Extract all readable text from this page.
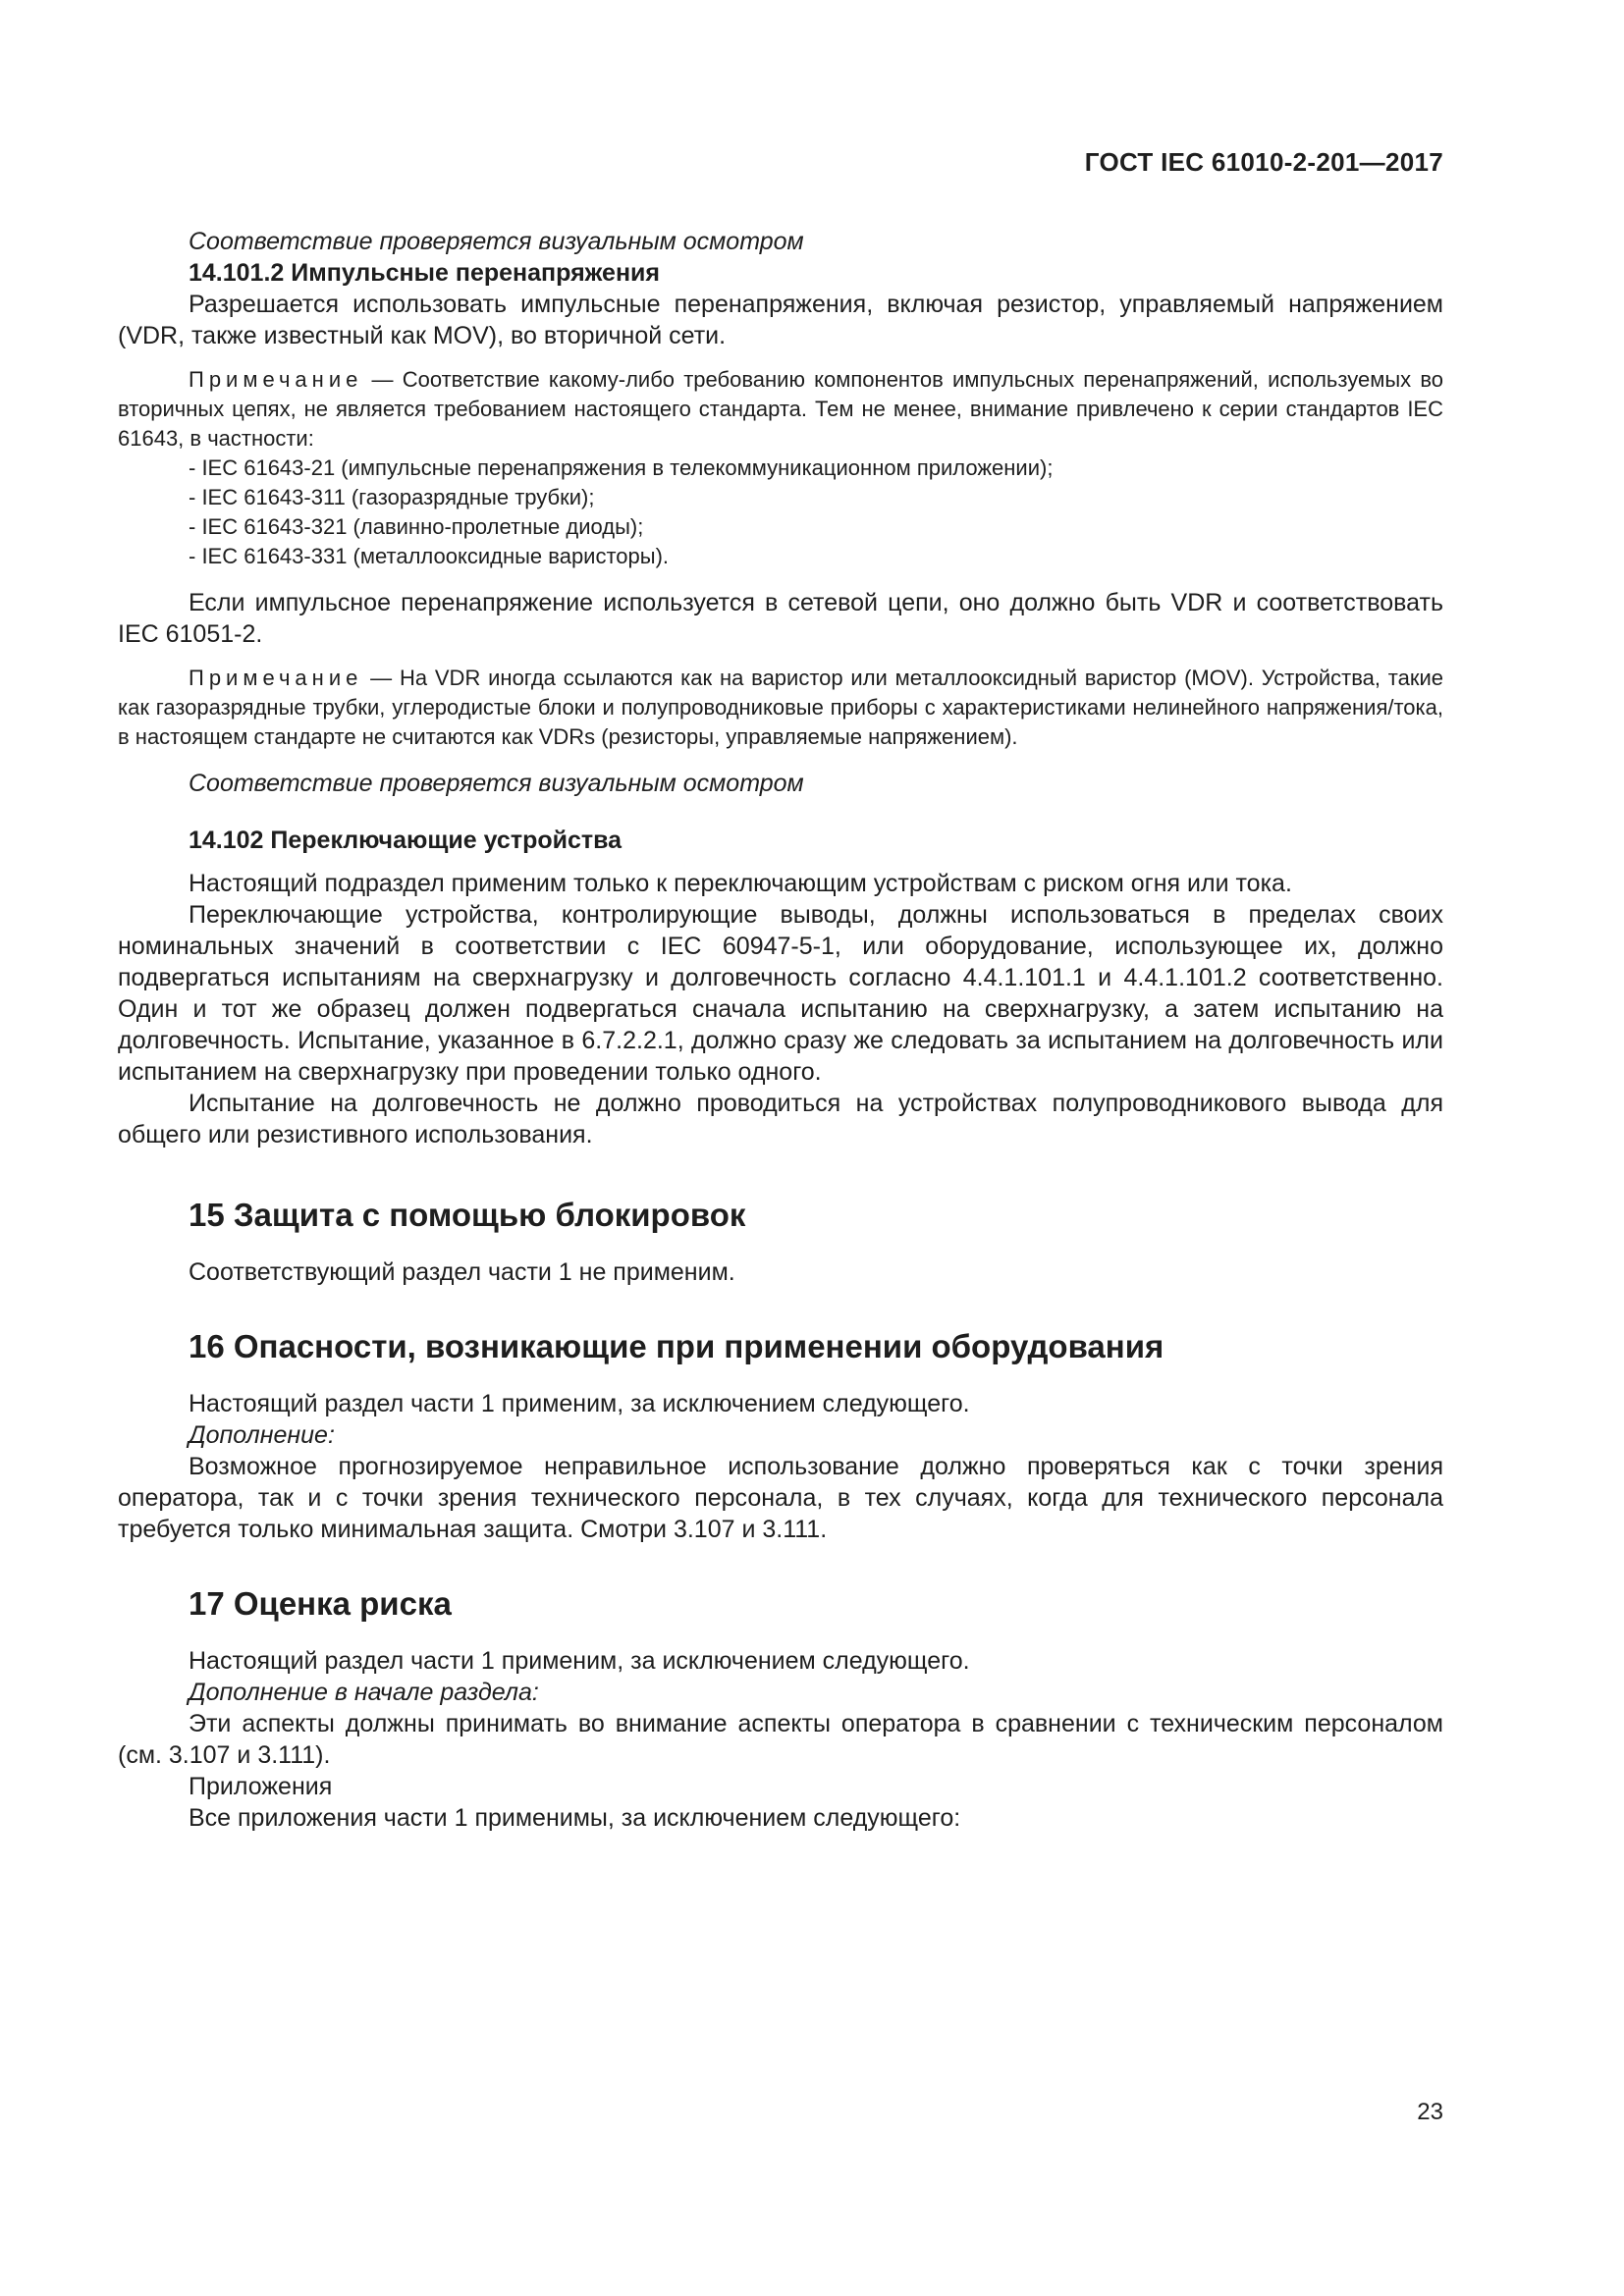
ГОСТ IEC 61010-2-201—2017

Соответствие проверяется визуальным осмотром

14.101.2 Импульсные перенапряжения

Разрешается использовать импульсные перенапряжения, включая резистор, управляемый напряжением (VDR, также известный как MOV), во вторичной сети.

Примечание — Соответствие какому-либо требованию компонентов импульсных перенапряжений, используемых во вторичных цепях, не является требованием настоящего стандарта. Тем не менее, внимание привлечено к серии стандартов IEC 61643, в частности:

- IEC 61643-21 (импульсные перенапряжения в телекоммуникационном приложении);

- IEC 61643-311 (газоразрядные трубки);

- IEC 61643-321 (лавинно-пролетные диоды);

- IEC 61643-331 (металлооксидные варисторы).

Если импульсное перенапряжение используется в сетевой цепи, оно должно быть VDR и соответствовать IEC 61051-2.

Примечание — На VDR иногда ссылаются как на варистор или металлооксидный варистор (MOV). Устройства, такие как газоразрядные трубки, углеродистые блоки и полупроводниковые приборы с характеристиками нелинейного напряжения/тока, в настоящем стандарте не считаются как VDRs (резисторы, управляемые напряжением).

Соответствие проверяется визуальным осмотром

14.102 Переключающие устройства

Настоящий подраздел применим только к переключающим устройствам с риском огня или тока.

Переключающие устройства, контролирующие выводы, должны использоваться в пределах своих номинальных значений в соответствии с IEC 60947-5-1, или оборудование, использующее их, должно подвергаться испытаниям на сверхнагрузку и долговечность согласно 4.4.1.101.1 и 4.4.1.101.2 соответственно. Один и тот же образец должен подвергаться сначала испытанию на сверхнагрузку, а затем испытанию на долговечность. Испытание, указанное в 6.7.2.2.1, должно сразу же следовать за испытанием на долговечность или испытанием на сверхнагрузку при проведении только одного.

Испытание на долговечность не должно проводиться на устройствах полупроводникового вывода для общего или резистивного использования.

15 Защита с помощью блокировок

Соответствующий раздел части 1 не применим.

16 Опасности, возникающие при применении оборудования

Настоящий раздел части 1 применим, за исключением следующего.

Дополнение:

Возможное прогнозируемое неправильное использование должно проверяться как с точки зрения оператора, так и с точки зрения технического персонала, в тех случаях, когда для технического персонала требуется только минимальная защита. Смотри 3.107 и 3.111.

17 Оценка риска

Настоящий раздел части 1 применим, за исключением следующего.

Дополнение в начале раздела:

Эти аспекты должны принимать во внимание аспекты оператора в сравнении с техническим персоналом (см. 3.107 и 3.111).

Приложения

Все приложения части 1 применимы, за исключением следующего:

23
